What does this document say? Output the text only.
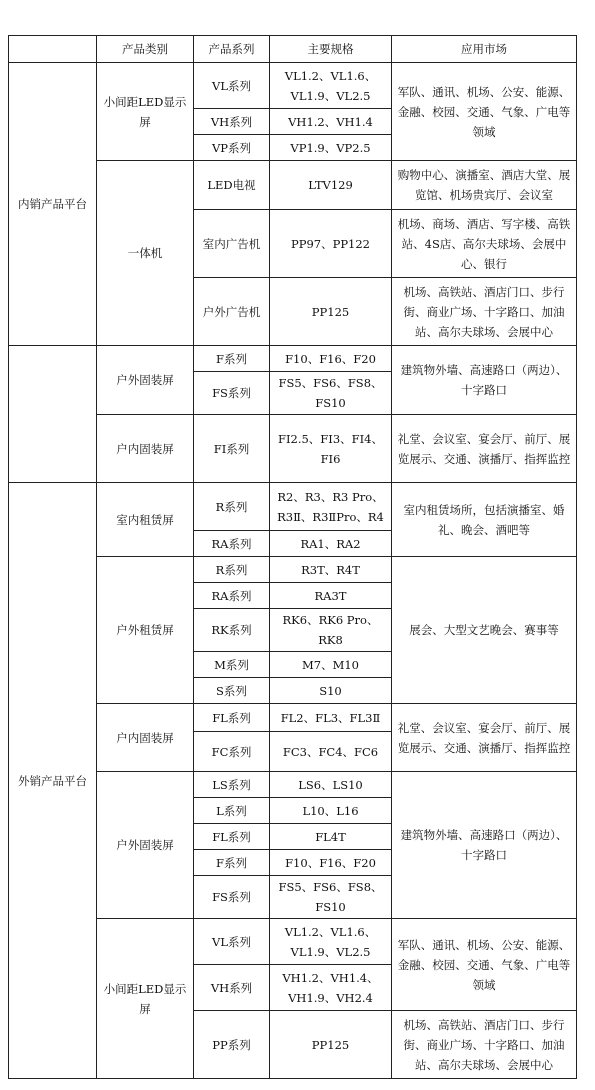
	产品类别	产品系列	主要规格	应用市场
内销产品平台	小间距LED显示屏	VL系列	VL1.2、VL1.6、VL1.9、VL2.5	军队、通讯、机场、公安、能源、金融、校园、交通、气象、广电等领域
		VH系列	VH1.2、VH1.4	
		VP系列	VP1.9、VP2.5	
	一体机	LED电视	LTV129	购物中心、演播室、酒店大堂、展览馆、机场贵宾厅、会议室
		室内广告机	PP97、PP122	机场、商场、酒店、写字楼、高铁站、4S店、高尔夫球场、会展中心、银行
		户外广告机	PP125	机场、高铁站、酒店门口、步行街、商业广场、十字路口、加油站、高尔夫球场、会展中心
	户外固装屏	F系列	F10、F16、F20	建筑物外墙、高速路口（两边）、十字路口
		FS系列	FS5、FS6、FS8、FS10	
	户内固装屏	FI系列	FI2.5、FI3、FI4、FI6	礼堂、会议室、宴会厅、前厅、展览展示、交通、演播厅、指挥监控
外销产品平台	室内租赁屏	R系列	R2、R3、R3 Pro、R3Ⅱ、R3ⅡPro、R4	室内租赁场所，包括演播室、婚礼、晚会、酒吧等
		RA系列	RA1、RA2	
	户外租赁屏	R系列	R3T、R4T	展会、大型文艺晚会、赛事等
		RA系列	RA3T	
		RK系列	RK6、RK6 Pro、RK8	
		M系列	M7、M10	
		S系列	S10	
	户内固装屏	FL系列	FL2、FL3、FL3Ⅱ	礼堂、会议室、宴会厅、前厅、展览展示、交通、演播厅、指挥监控
		FC系列	FC3、FC4、FC6	
	户外固装屏	LS系列	LS6、LS10	建筑物外墙、高速路口（两边）、十字路口
		L系列	L10、L16	
		FL系列	FL4T	
		F系列	F10、F16、F20	
		FS系列	FS5、FS6、FS8、FS10	
	小间距LED显示屏	VL系列	VL1.2、VL1.6、VL1.9、VL2.5	军队、通讯、机场、公安、能源、金融、校园、交通、气象、广电等领域
		VH系列	VH1.2、VH1.4、VH1.9、VH2.4	
		PP系列	PP125	机场、高铁站、酒店门口、步行街、商业广场、十字路口、加油站、高尔夫球场、会展中心
